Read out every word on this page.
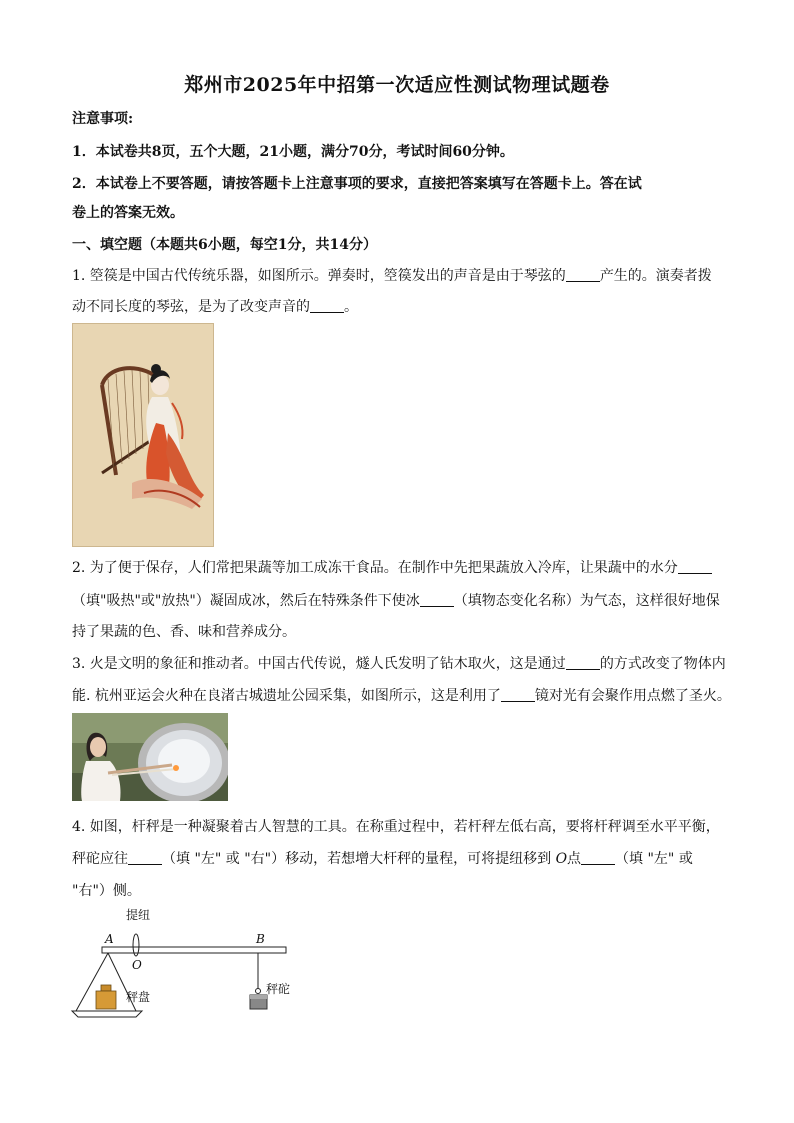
郑州市2025年中招第一次适应性测试物理试题卷
注意事项:
1．本试卷共8页，五个大题，21小题，满分70分，考试时间60分钟。
2．本试卷上不要答题，请按答题卡上注意事项的要求，直接把答案填写在答题卡上。答在试
卷上的答案无效。
一、填空题（本题共6小题，每空1分，共14分）
1. 箜篌是中国古代传统乐器，如图所示。弹奏时，箜篌发出的声音是由于琴弦的 产生的。演奏者拨
动不同长度的琴弦，是为了改变声音的 。
2. 为了便于保存，人们常把果蔬等加工成冻干食品。在制作中先把果蔬放入冷库，让果蔬中的水分
（填"吸热"或"放热"）凝固成冰，然后在特殊条件下使冰 （填物态变化名称）为气态，这样很好地保
持了果蔬的色、香、味和营养成分。
3. 火是文明的象征和推动者。中国古代传说，燧人氏发明了钻木取火，这是通过 的方式改变了物体内
能. 杭州亚运会火种在良渚古城遗址公园采集，如图所示，这是利用了 镜对光有会聚作用点燃了圣火。
4. 如图，杆秤是一种凝聚着古人智慧的工具。在称重过程中，若杆秤左低右高，要将杆秤调至水平平衡，
秤砣应往 （填 "左" 或 "右"）移动，若想增大杆秤的量程，可将提纽移到 O点 （填 "左" 或
"右"）侧。
提纽
A
O
B
秤盘
秤砣
